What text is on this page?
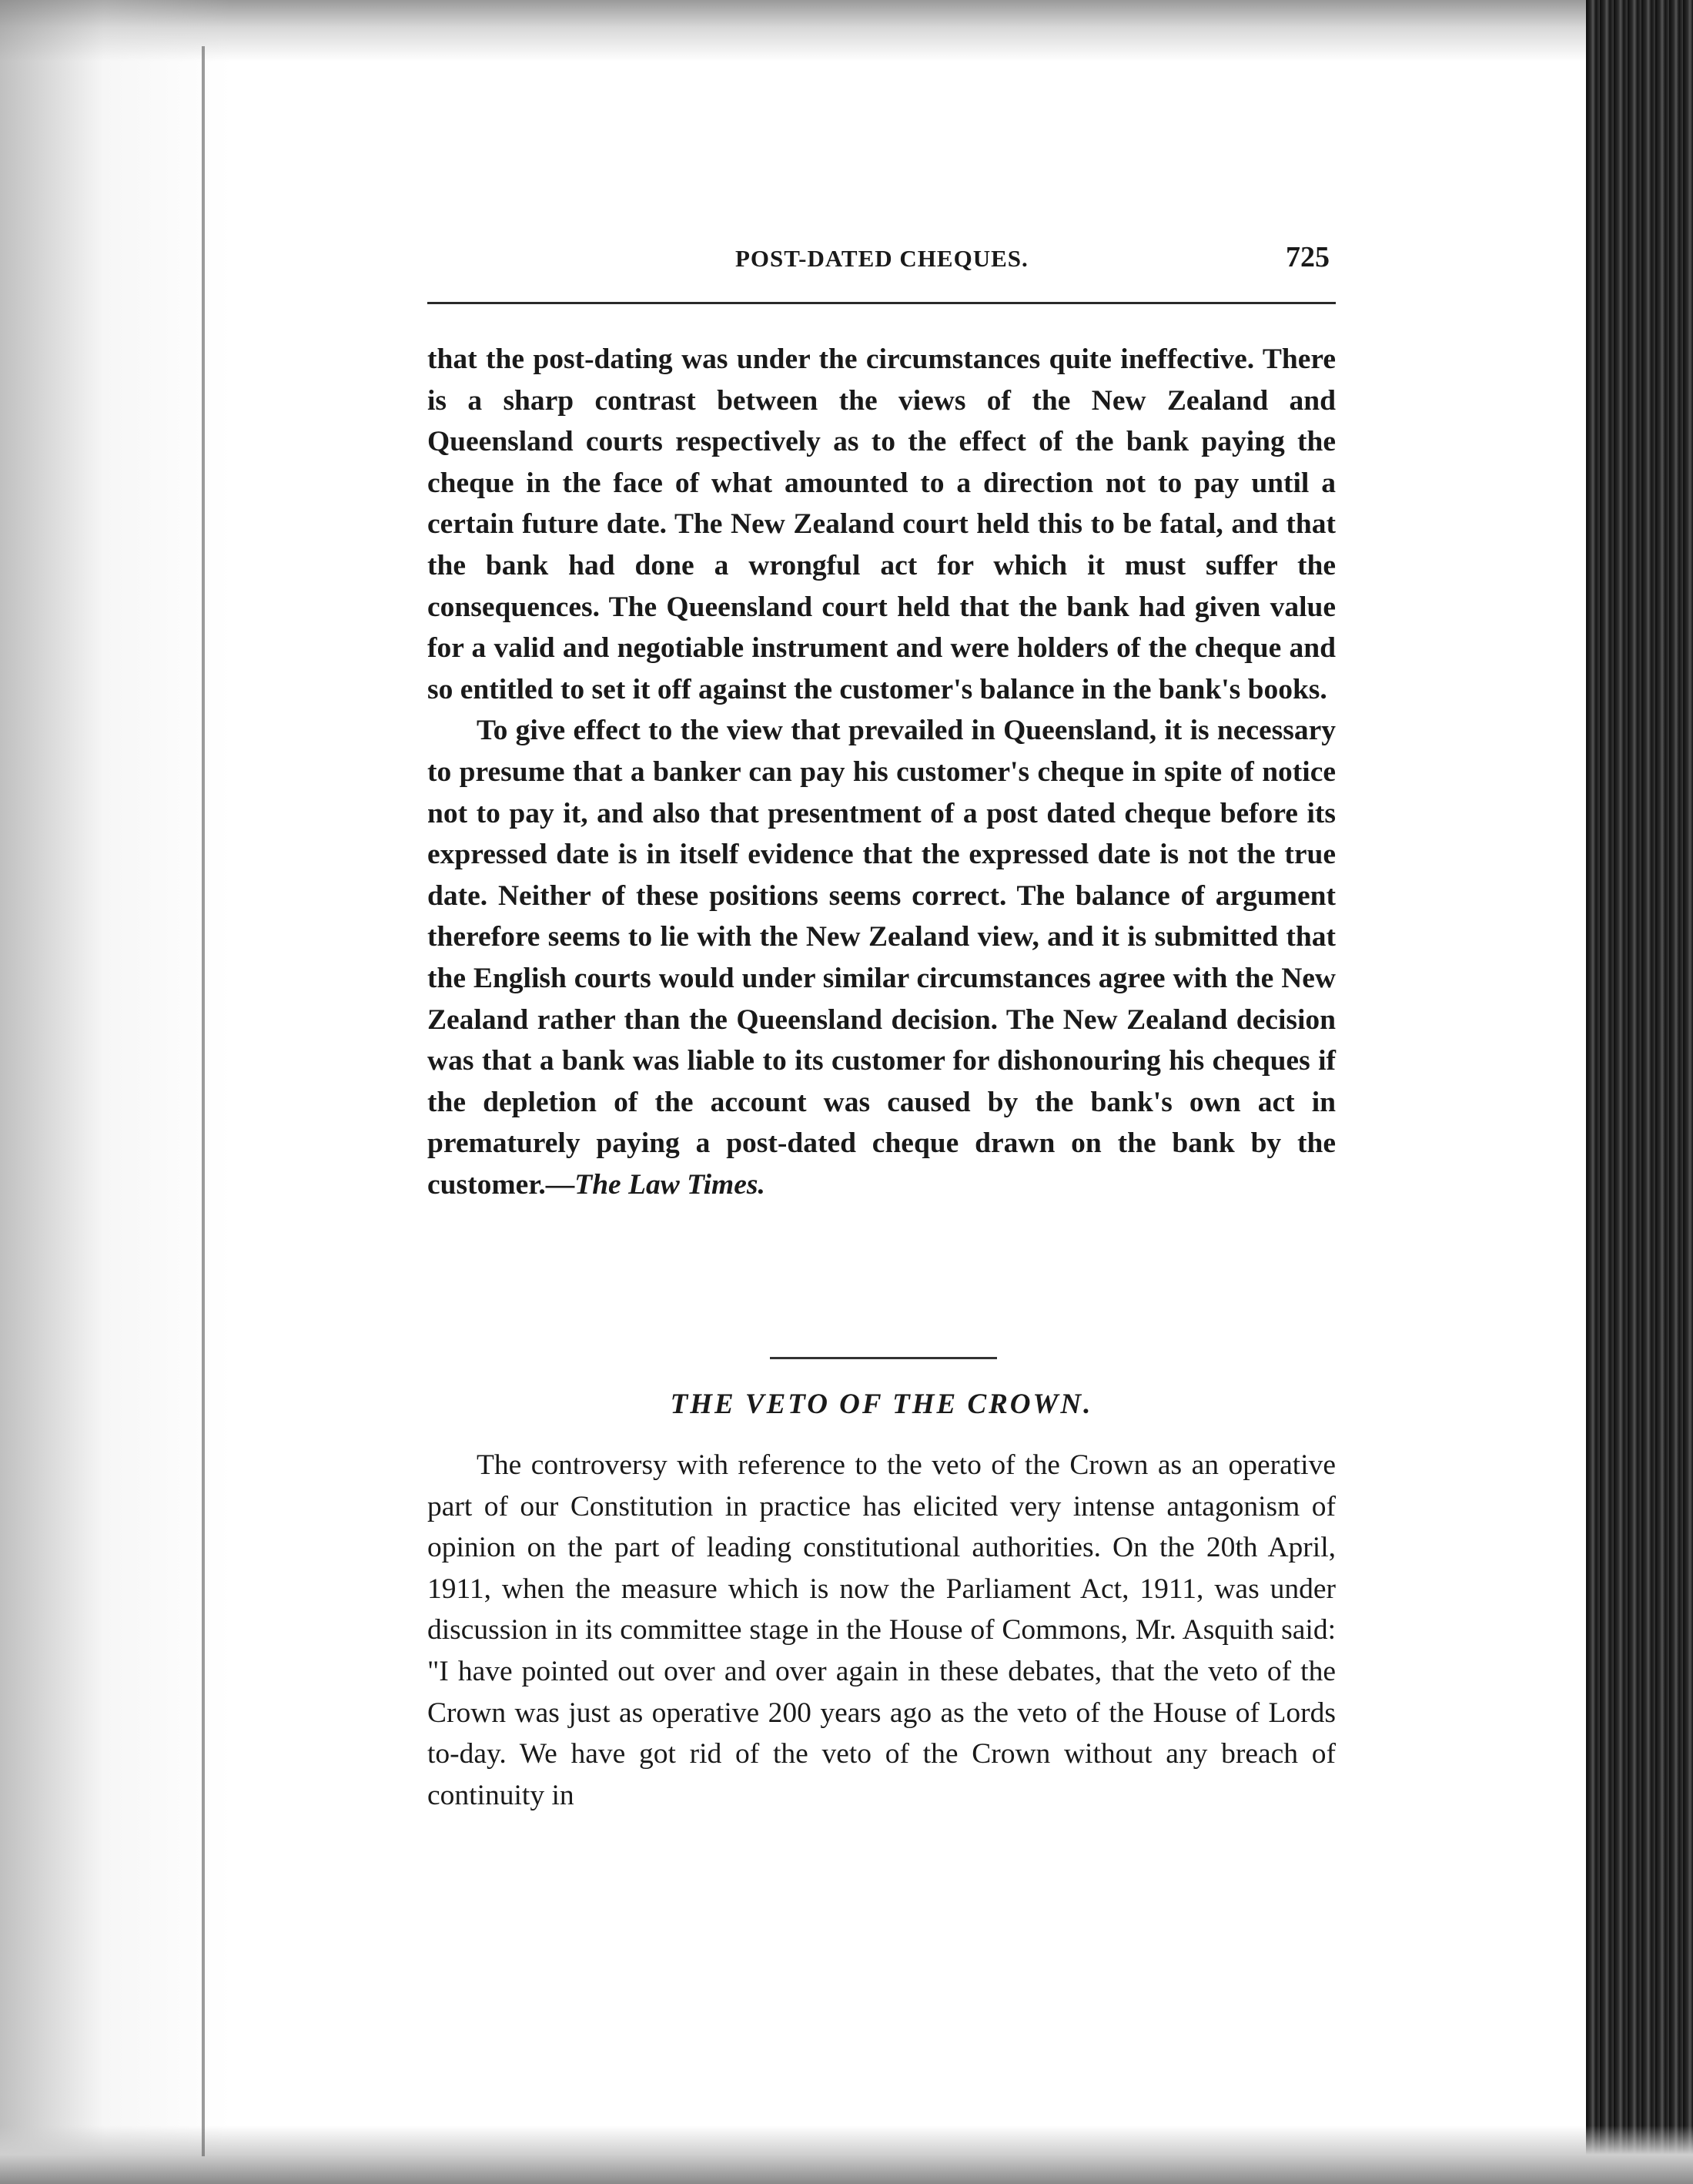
POST-DATED CHEQUES.	725

that the post-dating was under the circumstances quite ineffective. There is a sharp contrast between the views of the New Zealand and Queensland courts respectively as to the effect of the bank paying the cheque in the face of what amounted to a direction not to pay until a certain future date. The New Zealand court held this to be fatal, and that the bank had done a wrongful act for which it must suffer the consequences. The Queensland court held that the bank had given value for a valid and negotiable instrument and were holders of the cheque and so entitled to set it off against the customer's balance in the bank's books.

To give effect to the view that prevailed in Queensland, it is necessary to presume that a banker can pay his customer's cheque in spite of notice not to pay it, and also that presentment of a post dated cheque before its expressed date is in itself evidence that the expressed date is not the true date. Neither of these positions seems correct. The balance of argument therefore seems to lie with the New Zealand view, and it is submitted that the English courts would under similar circumstances agree with the New Zealand rather than the Queensland decision. The New Zealand decision was that a bank was liable to its customer for dishonouring his cheques if the depletion of the account was caused by the bank's own act in prematurely paying a post-dated cheque drawn on the bank by the customer.—The Law Times.

THE VETO OF THE CROWN.

The controversy with reference to the veto of the Crown as an operative part of our Constitution in practice has elicited very intense antagonism of opinion on the part of leading constitutional authorities. On the 20th April, 1911, when the measure which is now the Parliament Act, 1911, was under discussion in its committee stage in the House of Commons, Mr. Asquith said: "I have pointed out over and over again in these debates, that the veto of the Crown was just as operative 200 years ago as the veto of the House of Lords to-day. We have got rid of the veto of the Crown without any breach of continuity in
